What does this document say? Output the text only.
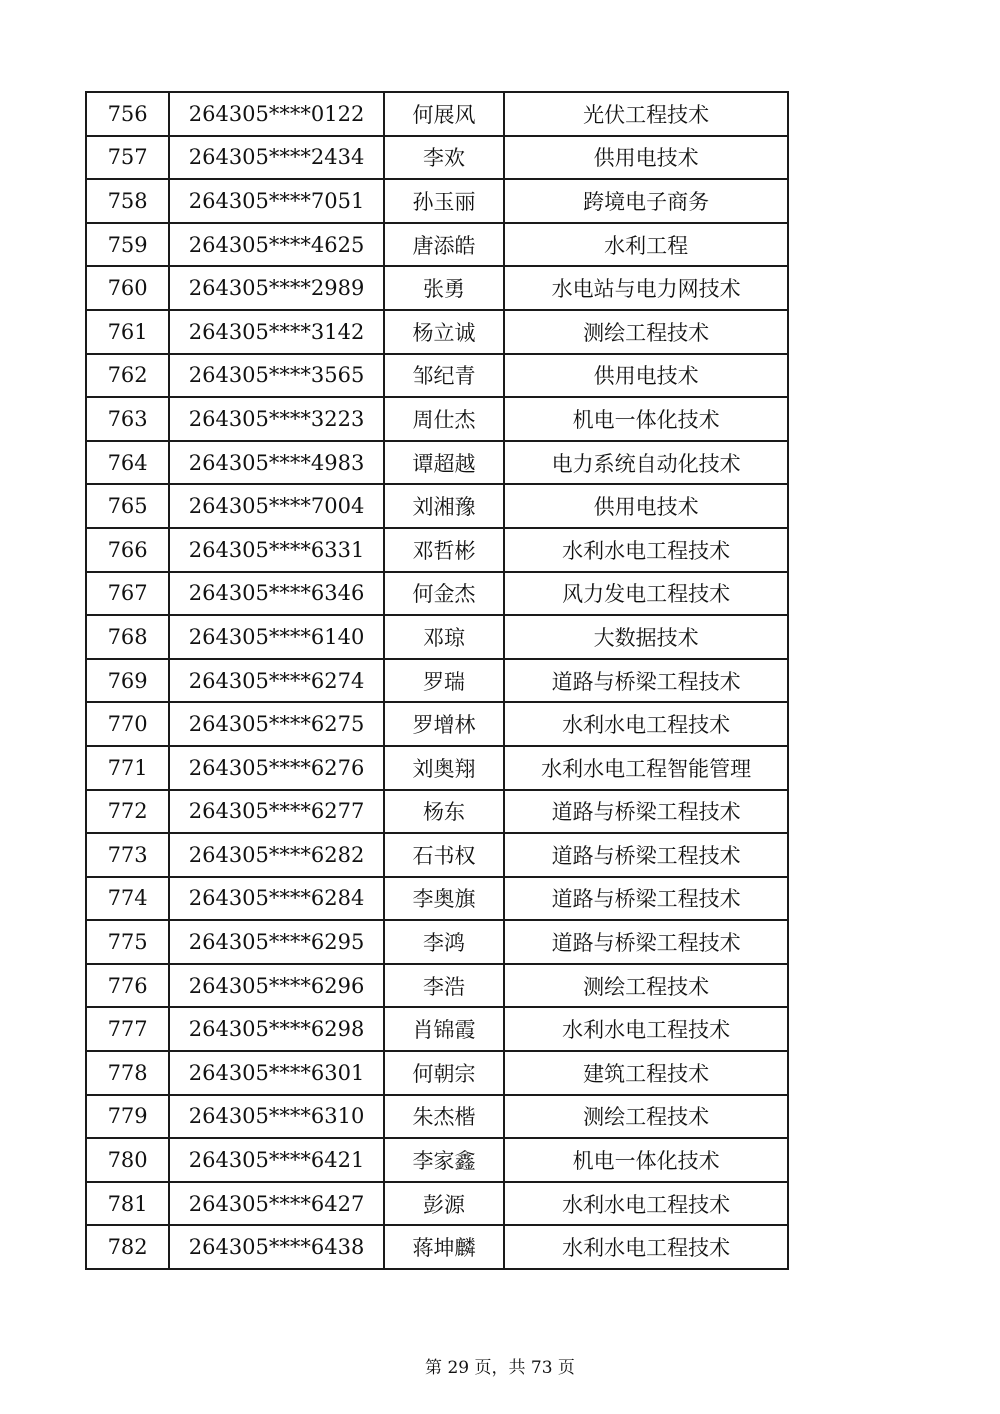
756	264305****0122	何展风	光伏工程技术
757	264305****2434	李欢	供用电技术
758	264305****7051	孙玉丽	跨境电子商务
759	264305****4625	唐添皓	水利工程
760	264305****2989	张勇	水电站与电力网技术
761	264305****3142	杨立诚	测绘工程技术
762	264305****3565	邹纪青	供用电技术
763	264305****3223	周仕杰	机电一体化技术
764	264305****4983	谭超越	电力系统自动化技术
765	264305****7004	刘湘豫	供用电技术
766	264305****6331	邓哲彬	水利水电工程技术
767	264305****6346	何金杰	风力发电工程技术
768	264305****6140	邓琼	大数据技术
769	264305****6274	罗瑞	道路与桥梁工程技术
770	264305****6275	罗增林	水利水电工程技术
771	264305****6276	刘奥翔	水利水电工程智能管理
772	264305****6277	杨东	道路与桥梁工程技术
773	264305****6282	石书权	道路与桥梁工程技术
774	264305****6284	李奥旗	道路与桥梁工程技术
775	264305****6295	李鸿	道路与桥梁工程技术
776	264305****6296	李浩	测绘工程技术
777	264305****6298	肖锦霞	水利水电工程技术
778	264305****6301	何朝宗	建筑工程技术
779	264305****6310	朱杰楷	测绘工程技术
780	264305****6421	李家鑫	机电一体化技术
781	264305****6427	彭源	水利水电工程技术
782	264305****6438	蒋坤麟	水利水电工程技术
第 29 页，共 73 页
